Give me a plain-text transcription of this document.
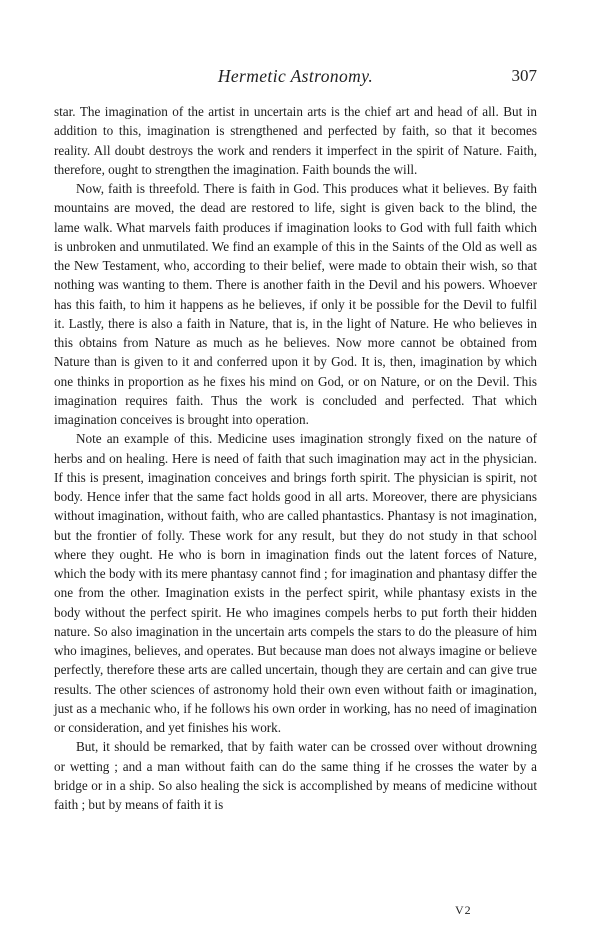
Hermetic Astronomy.	307

star. The imagination of the artist in uncertain arts is the chief art and head of all. But in addition to this, imagination is strengthened and perfected by faith, so that it becomes reality. All doubt destroys the work and renders it imperfect in the spirit of Nature. Faith, therefore, ought to strengthen the imagination. Faith bounds the will.

Now, faith is threefold. There is faith in God. This produces what it believes. By faith mountains are moved, the dead are restored to life, sight is given back to the blind, the lame walk. What marvels faith produces if imagination looks to God with full faith which is unbroken and unmutilated. We find an example of this in the Saints of the Old as well as the New Testament, who, according to their belief, were made to obtain their wish, so that nothing was wanting to them. There is another faith in the Devil and his powers. Whoever has this faith, to him it happens as he believes, if only it be possible for the Devil to fulfil it. Lastly, there is also a faith in Nature, that is, in the light of Nature. He who believes in this obtains from Nature as much as he believes. Now more cannot be obtained from Nature than is given to it and conferred upon it by God. It is, then, imagination by which one thinks in proportion as he fixes his mind on God, or on Nature, or on the Devil. This imagination requires faith. Thus the work is concluded and perfected. That which imagination conceives is brought into operation.

Note an example of this. Medicine uses imagination strongly fixed on the nature of herbs and on healing. Here is need of faith that such imagination may act in the physician. If this is present, imagination conceives and brings forth spirit. The physician is spirit, not body. Hence infer that the same fact holds good in all arts. Moreover, there are physicians without imagination, without faith, who are called phantastics. Phantasy is not imagination, but the frontier of folly. These work for any result, but they do not study in that school where they ought. He who is born in imagination finds out the latent forces of Nature, which the body with its mere phantasy cannot find ; for imagination and phantasy differ the one from the other. Imagination exists in the perfect spirit, while phantasy exists in the body without the perfect spirit. He who imagines compels herbs to put forth their hidden nature. So also imagination in the uncertain arts compels the stars to do the pleasure of him who imagines, believes, and operates. But because man does not always imagine or believe perfectly, therefore these arts are called uncertain, though they are certain and can give true results. The other sciences of astronomy hold their own even without faith or imagination, just as a mechanic who, if he follows his own order in working, has no need of imagination or consideration, and yet finishes his work.

But, it should be remarked, that by faith water can be crossed over without drowning or wetting ; and a man without faith can do the same thing if he crosses the water by a bridge or in a ship. So also healing the sick is accomplished by means of medicine without faith ; but by means of faith it is

V2
